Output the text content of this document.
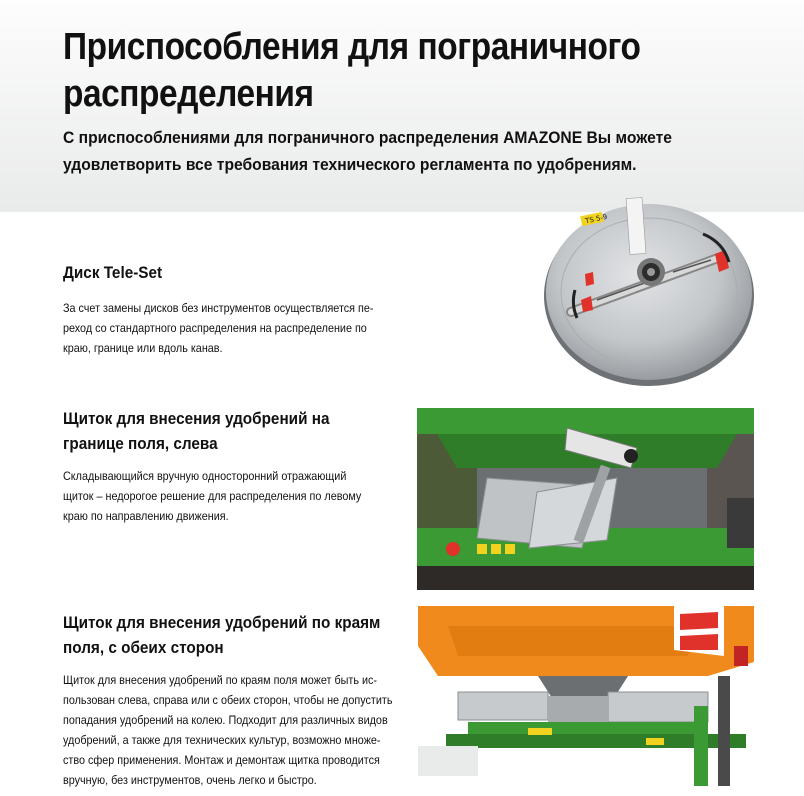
Приспособления для пограничного
распределения

С приспособлениями для пограничного распределения AMAZONE Вы можете
удовлетворить все требования технического регламента по удобрениям.

Диск Tele-Set

За счет замены дисков без инструментов осуществляется пе-
реход со стандартного распределения на распределение по
краю, границе или вдоль канав.

TS 5-9
Щиток для внесения удобрений на
границе поля, слева

Складывающийся вручную односторонний отражающий
щиток – недорогое решение для распределения по левому
краю по направлению движения.

Щиток для внесения удобрений по краям
поля, с обеих сторон

Щиток для внесения удобрений по краям поля может быть ис-
пользован слева, справа или с обеих сторон, чтобы не допустить
попадания удобрений на колею. Подходит для различных видов
удобрений, а также для технических культур, возможно множе-
ство сфер применения. Монтаж и демонтаж щитка проводится
вручную, без инструментов, очень легко и быстро.
